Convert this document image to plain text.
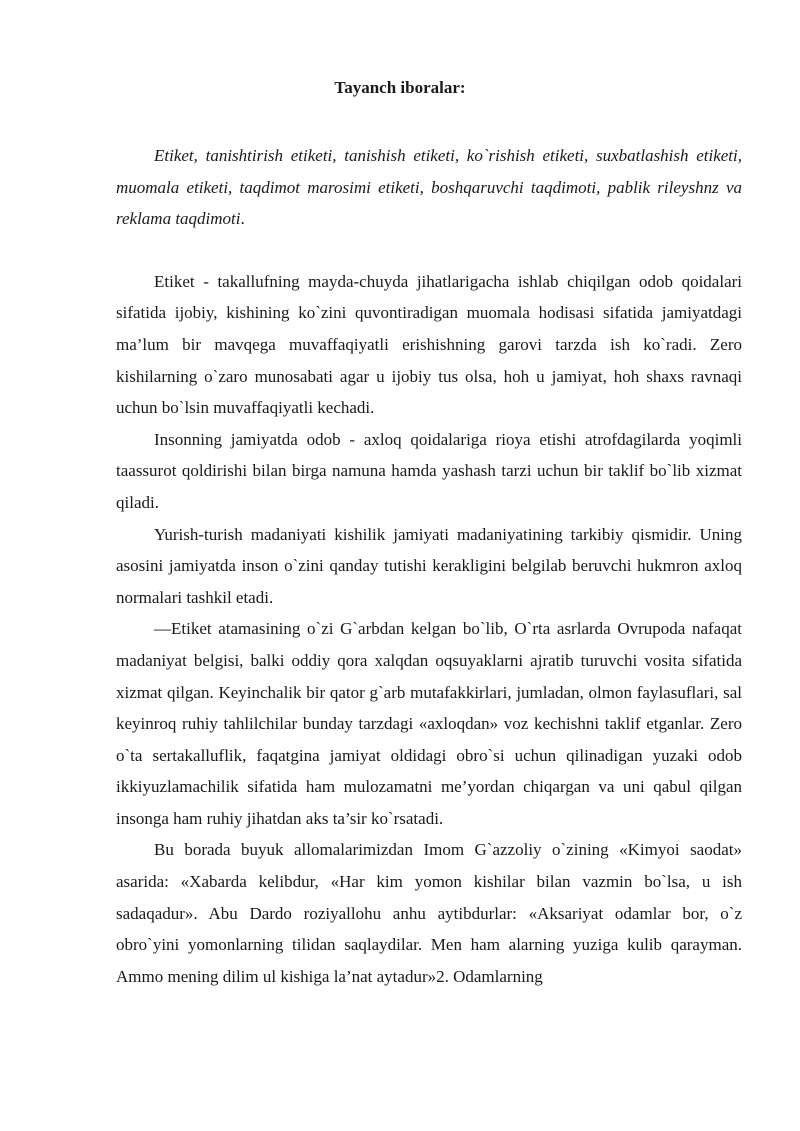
Tayanch iboralar:

Etiket, tanishtirish etiketi, tanishish etiketi, ko`rishish etiketi, suxbatlashish etiketi, muomala etiketi, taqdimot marosimi etiketi, boshqaruvchi taqdimoti, pablik rileyshnz va reklama taqdimoti.

Etiket - takallufning mayda-chuyda jihatlarigacha ishlab chiqilgan odob qoidalari sifatida ijobiy, kishining ko`zini quvontiradigan muomala hodisasi sifatida jamiyatdagi ma’lum bir mavqega muvaffaqiyatli erishishning garovi tarzda ish ko`radi. Zero kishilarning o`zaro munosabati agar u ijobiy tus olsa, hoh u jamiyat, hoh shaxs ravnaqi uchun bo`lsin muvaffaqiyatli kechadi.

Insonning jamiyatda odob - axloq qoidalariga rioya etishi atrofdagilarda yoqimli taassurot qoldirishi bilan birga namuna hamda yashash tarzi uchun bir taklif bo`lib xizmat qiladi.

Yurish-turish madaniyati kishilik jamiyati madaniyatining tarkibiy qismidir. Uning asosini jamiyatda inson o`zini qanday tutishi kerakligini belgilab beruvchi hukmron axloq normalari tashkil etadi.

―Etiket atamasining o`zi G`arbdan kelgan bo`lib, O`rta asrlarda Ovrupoda nafaqat madaniyat belgisi, balki oddiy qora xalqdan oqsuyaklarni ajratib turuvchi vosita sifatida xizmat qilgan. Keyinchalik bir qator g`arb mutafakkirlari, jumladan, olmon faylasuflari, sal keyinroq ruhiy tahlilchilar bunday tarzdagi «axloqdan» voz kechishni taklif etganlar. Zero o`ta sertakalluflik, faqatgina jamiyat oldidagi obro`si uchun qilinadigan yuzaki odob ikkiyuzlamachilik sifatida ham mulozamatni me’yordan chiqargan va uni qabul qilgan insonga ham ruhiy jihatdan aks ta’sir ko`rsatadi.

Bu borada buyuk allomalarimizdan Imom G`azzoliy o`zining «Kimyoi saodat» asarida: «Xabarda kelibdur, «Har kim yomon kishilar bilan vazmin bo`lsa, u ish sadaqadur». Abu Dardo roziyallohu anhu aytibdurlar: «Aksariyat odamlar bor, o`z obro`yini yomonlarning tilidan saqlaydilar. Men ham alarning yuziga kulib qarayman. Ammo mening dilim ul kishiga la’nat aytadur»2. Odamlarning
